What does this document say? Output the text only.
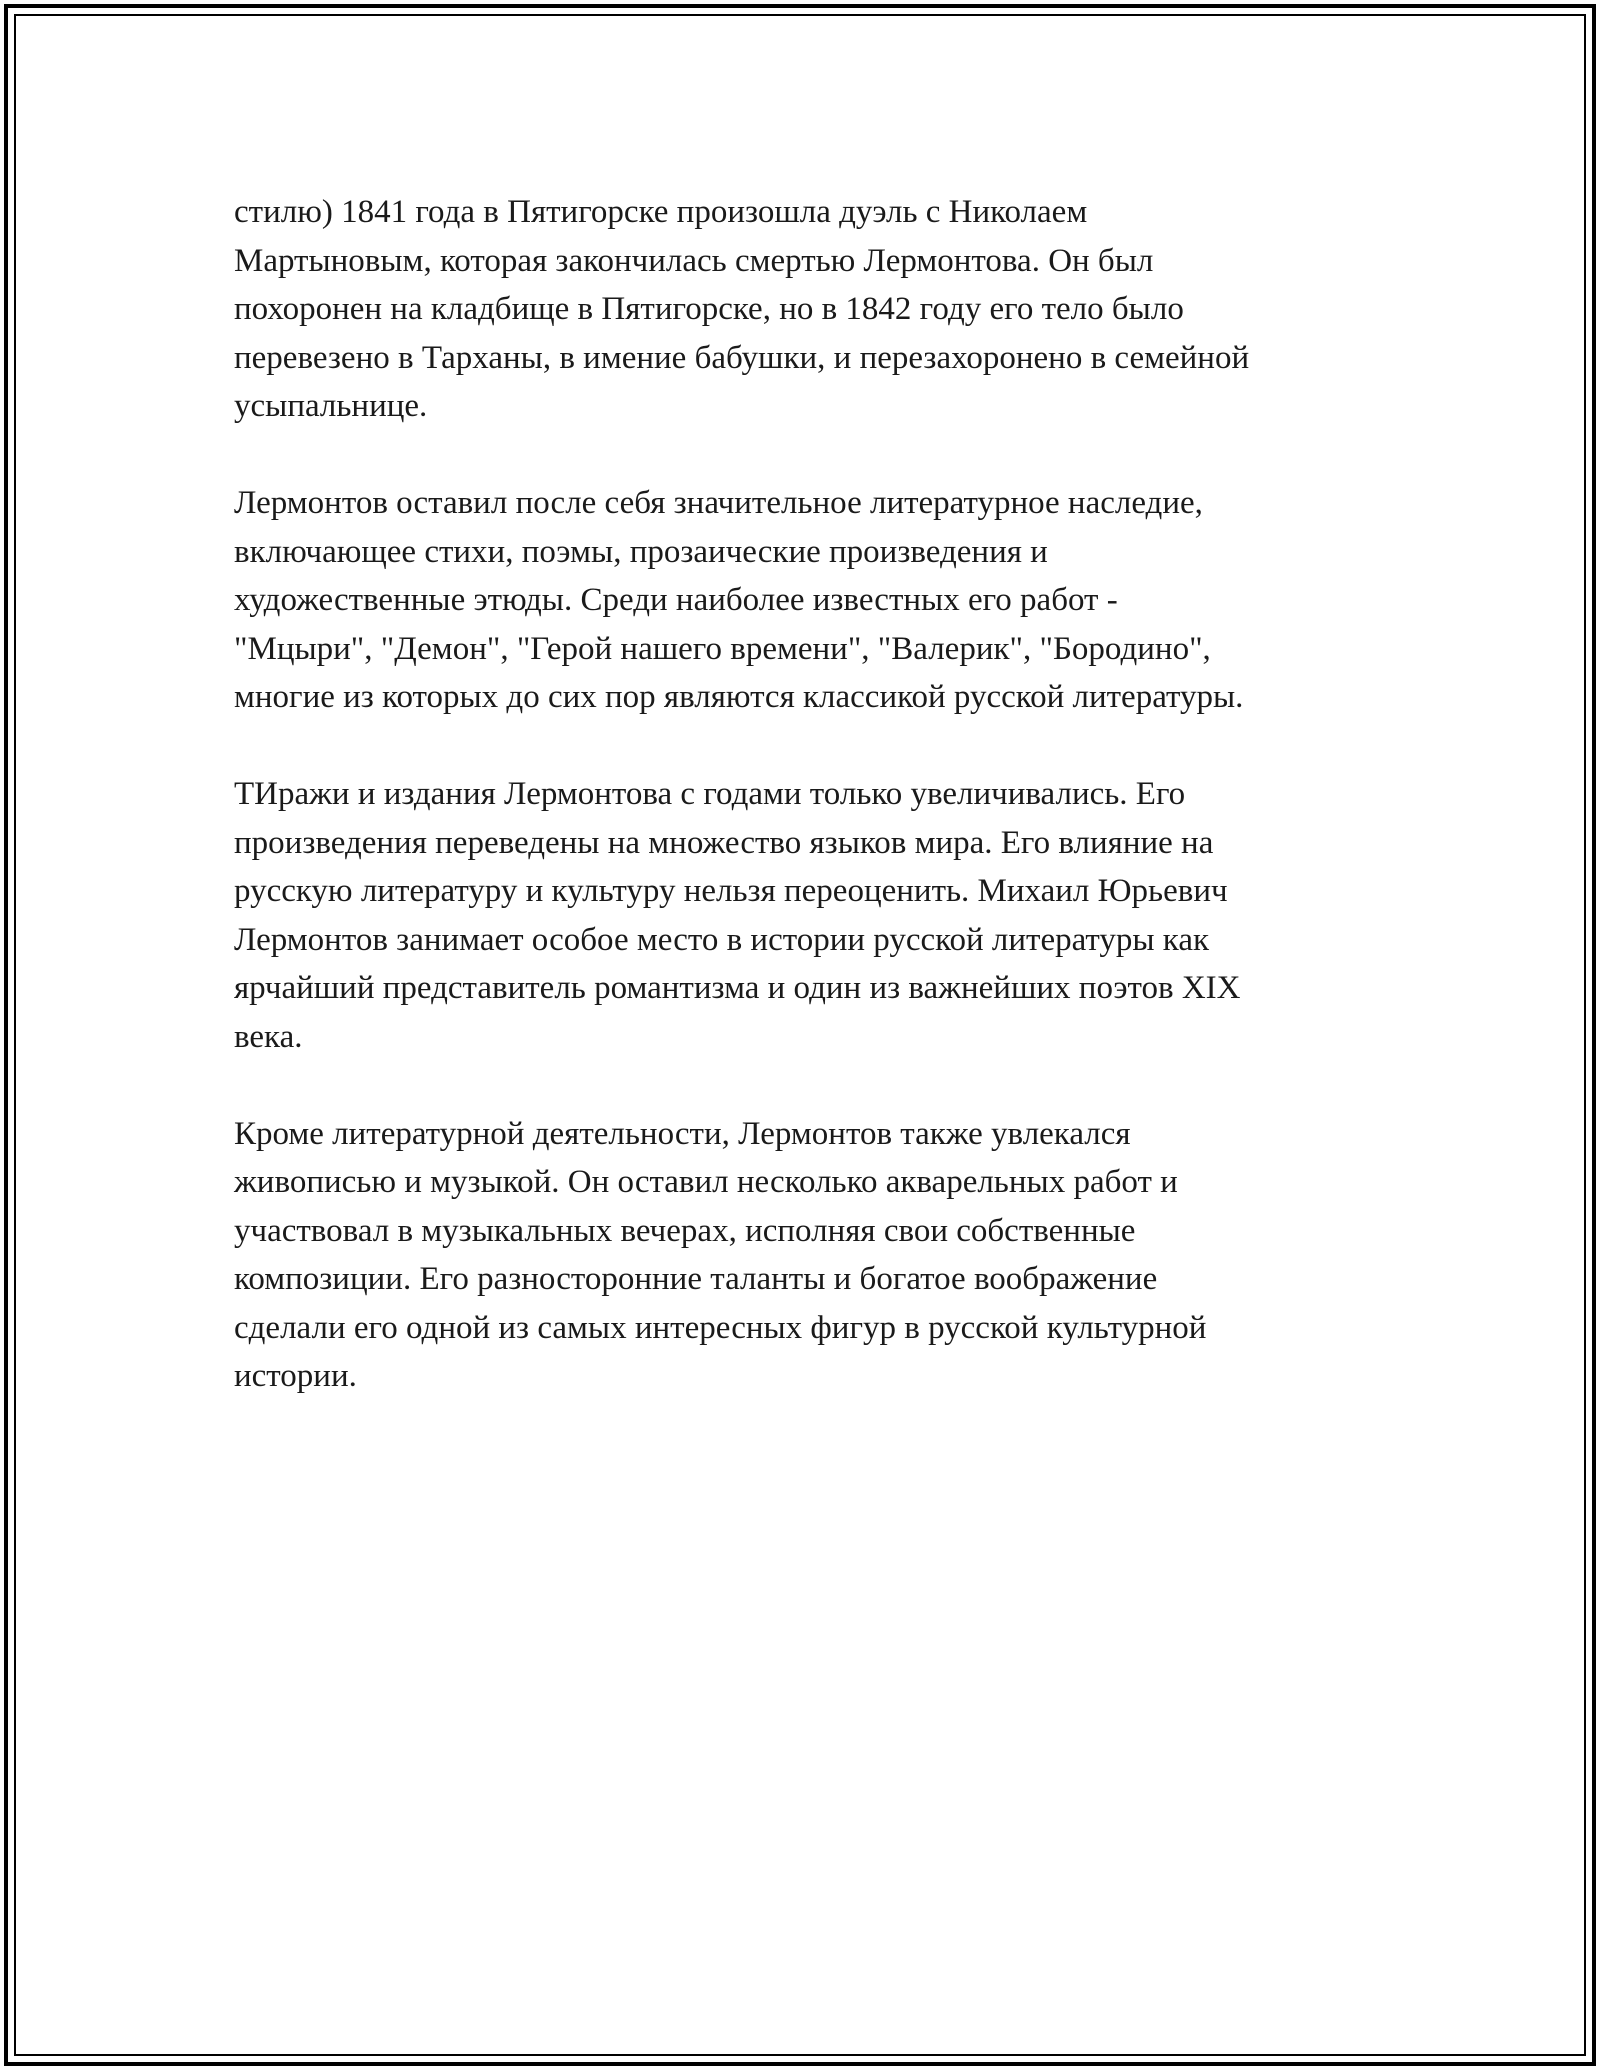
стилю) 1841 года в Пятигорске произошла дуэль с Николаем
Мартыновым, которая закончилась смертью Лермонтова. Он был
похоронен на кладбище в Пятигорске, но в 1842 году его тело было
перевезено в Тарханы, в имение бабушки, и перезахоронено в семейной
усыпальнице.

Лермонтов оставил после себя значительное литературное наследие,
включающее стихи, поэмы, прозаические произведения и
художественные этюды. Среди наиболее известных его работ -
"Мцыри", "Демон", "Герой нашего времени", "Валерик", "Бородино",
многие из которых до сих пор являются классикой русской литературы.

ТИражи и издания Лермонтова с годами только увеличивались. Его
произведения переведены на множество языков мира. Его влияние на
русскую литературу и культуру нельзя переоценить. Михаил Юрьевич
Лермонтов занимает особое место в истории русской литературы как
ярчайший представитель романтизма и один из важнейших поэтов XIX
века.

Кроме литературной деятельности, Лермонтов также увлекался
живописью и музыкой. Он оставил несколько акварельных работ и
участвовал в музыкальных вечерах, исполняя свои собственные
композиции. Его разносторонние таланты и богатое воображение
сделали его одной из самых интересных фигур в русской культурной
истории.
